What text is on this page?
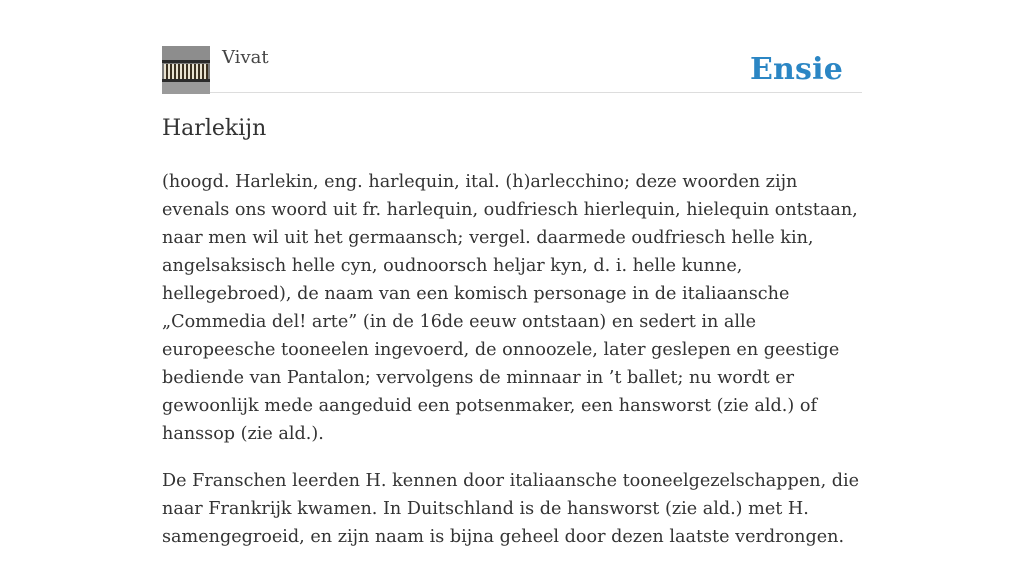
Vivat	Ensie
Harlekijn

(hoogd. Harlekin, eng. harlequin, ital. (h)arlecchino; deze woorden zijn evenals ons woord uit fr. harlequin, oudfriesch hierlequin, hielequin ontstaan, naar men wil uit het germaansch; vergel. daarmede oudfriesch helle kin, angelsaksisch helle cyn, oudnoorsch heljar kyn, d. i. helle kunne, hellegebroed), de naam van een komisch personage in de italiaansche „Commedia del! arte” (in de 16de eeuw ontstaan) en sedert in alle europeesche tooneelen ingevoerd, de onnoozele, later geslepen en geestige bediende van Pantalon; vervolgens de minnaar in ’t ballet; nu wordt er gewoonlijk mede aangeduid een potsenmaker, een hansworst (zie ald.) of hanssop (zie ald.).

De Franschen leerden H. kennen door italiaansche tooneelgezelschappen, die naar Frankrijk kwamen. In Duitschland is de hansworst (zie ald.) met H. samengegroeid, en zijn naam is bijna geheel door dezen laatste verdrongen.
